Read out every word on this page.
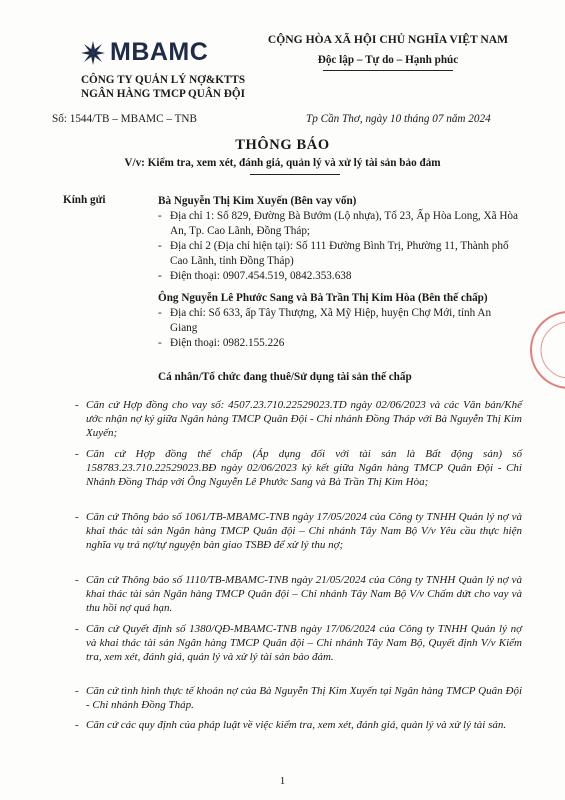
MBAMC
CÔNG TY QUẢN LÝ NỢ&KTTS
NGÂN HÀNG TMCP QUÂN ĐỘI
Số: 1544/TB – MBAMC – TNB
CỘNG HÒA XÃ HỘI CHỦ NGHĨA VIỆT NAM
Độc lập – Tự do – Hạnh phúc
Tp Cần Thơ, ngày 10 tháng 07 năm 2024
THÔNG BÁO
V/v: Kiểm tra, xem xét, đánh giá, quản lý và xử lý tài sản bảo đảm
Kính gửi	Bà Nguyễn Thị Kim Xuyến (Bên vay vốn)
- Địa chỉ 1: Số 829, Đường Bà Bướm (Lộ nhựa), Tổ 23, Ấp Hòa Long, Xã Hòa An, Tp. Cao Lãnh, Đồng Tháp;
- Địa chỉ 2 (Địa chỉ hiện tại): Số 111 Đường Bình Trị, Phường 11, Thành phố Cao Lãnh, tỉnh Đồng Tháp)
- Điện thoại: 0907.454.519, 0842.353.638
Ông Nguyễn Lê Phước Sang và Bà Trần Thị Kim Hòa (Bên thế chấp)
- Địa chỉ: Số 633, ấp Tây Thượng, Xã Mỹ Hiệp, huyện Chợ Mới, tỉnh An Giang
- Điện thoại: 0982.155.226
Cá nhân/Tổ chức đang thuê/Sử dụng tài sản thế chấp
- Căn cứ Hợp đồng cho vay số: 4507.23.710.22529023.TD ngày 02/06/2023 và các Văn bản/Khế ước nhận nợ ký giữa Ngân hàng TMCP Quân Đội - Chi nhánh Đồng Tháp với Bà Nguyễn Thị Kim Xuyến;
- Căn cứ Hợp đồng thế chấp (Áp dụng đối với tài sản là Bất động sản) số 158783.23.710.22529023.BĐ ngày 02/06/2023 ký kết giữa Ngân hàng TMCP Quân Đội - Chi Nhánh Đồng Tháp với Ông Nguyễn Lê Phước Sang và Bà Trần Thị Kim Hòa;
- Căn cứ Thông báo số 1061/TB-MBAMC-TNB ngày 17/05/2024 của Công ty TNHH Quản lý nợ và khai thác tài sản Ngân hàng TMCP Quân đội – Chi nhánh Tây Nam Bộ V/v Yêu cầu thực hiện nghĩa vụ trả nợ/tự nguyện bàn giao TSBĐ để xử lý thu nợ;
- Căn cứ Thông báo số 1110/TB-MBAMC-TNB ngày 21/05/2024 của Công ty TNHH Quản lý nợ và khai thác tài sản Ngân hàng TMCP Quân đội – Chi nhánh Tây Nam Bộ V/v Chấm dứt cho vay và thu hồi nợ quá hạn.
- Căn cứ Quyết định số 1380/QĐ-MBAMC-TNB ngày 17/06/2024 của Công ty TNHH Quản lý nợ và khai thác tài sản Ngân hàng TMCP Quân đội – Chi nhánh Tây Nam Bộ, Quyết định V/v Kiểm tra, xem xét, đánh giá, quản lý và xử lý tài sản bảo đảm.
- Căn cứ tình hình thực tế khoản nợ của Bà Nguyễn Thị Kim Xuyến tại Ngân hàng TMCP Quân Đội - Chi nhánh Đồng Tháp.
- Căn cứ các quy định của pháp luật về việc kiểm tra, xem xét, đánh giá, quản lý và xử lý tài sản.
1
